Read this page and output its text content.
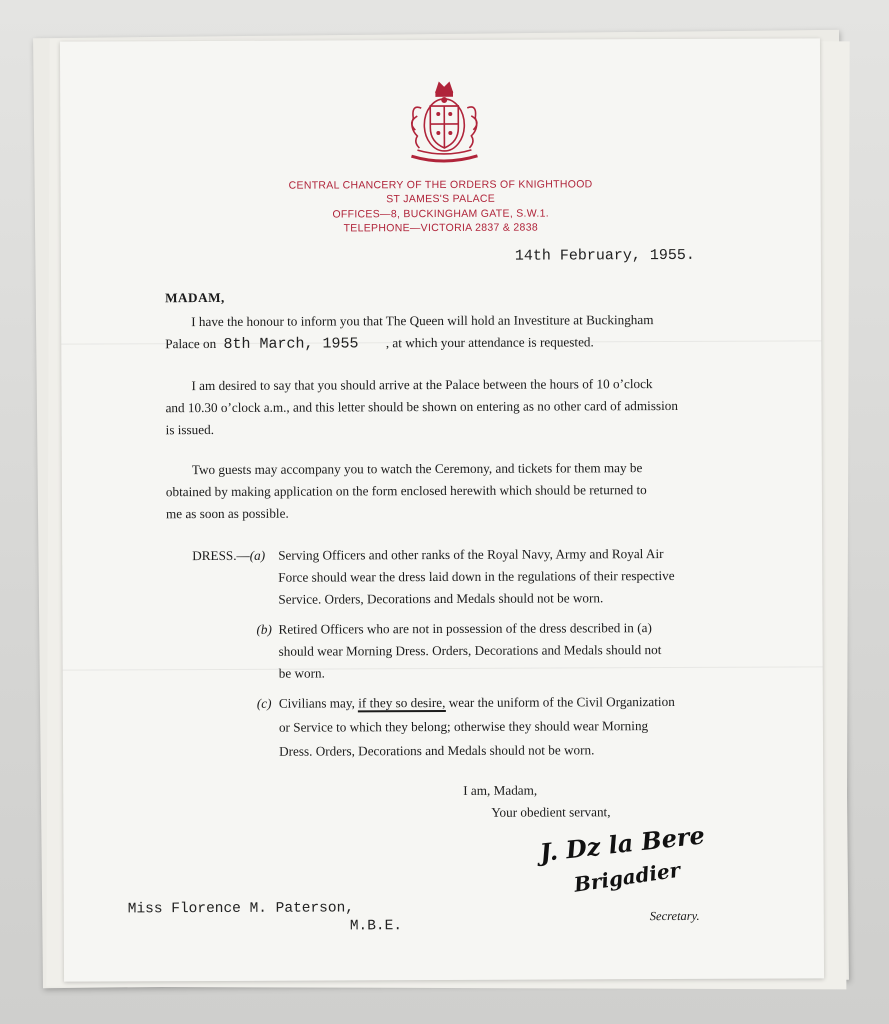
CENTRAL CHANCERY OF THE ORDERS OF KNIGHTHOOD
ST JAMES'S PALACE
OFFICES—8, BUCKINGHAM GATE, S.W.1.
TELEPHONE—VICTORIA 2837 & 2838
14th February, 1955.
MADAM,
I have the honour to inform you that The Queen will hold an Investiture at Buckingham
Palace on 8th March, 1955 , at which your attendance is requested.
I am desired to say that you should arrive at the Palace between the hours of 10 o’clock
and 10.30 o’clock a.m., and this letter should be shown on entering as no other card of admission
is issued.
Two guests may accompany you to watch the Ceremony, and tickets for them may be
obtained by making application on the form enclosed herewith which should be returned to
me as soon as possible.
DRESS.—(a) Serving Officers and other ranks of the Royal Navy, Army and Royal Air
Force should wear the dress laid down in the regulations of their respective
Service. Orders, Decorations and Medals should not be worn.
(b) Retired Officers who are not in possession of the dress described in (a)
should wear Morning Dress. Orders, Decorations and Medals should not
be worn.
(c) Civilians may, if they so desire, wear the uniform of the Civil Organization
or Service to which they belong; otherwise they should wear Morning
Dress. Orders, Decorations and Medals should not be worn.
I am, Madam,
Your obedient servant,
J. Dz la Bere
Brigadier
Secretary.
Miss Florence M. Paterson,
M.B.E.
